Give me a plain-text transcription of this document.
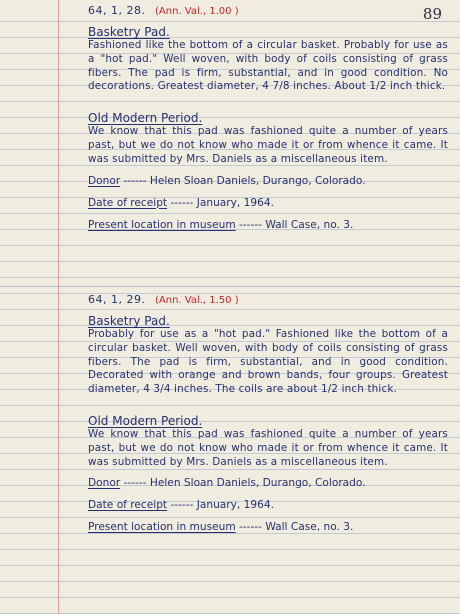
89
64, 1, 28. (Ann. Val., 1.00 )
Basketry Pad.

Fashioned like the bottom of a circular basket. Probably for use as a "hot pad." Well woven, with body of coils consisting of grass fibers. The pad is firm, substantial, and in good condition. No decorations. Greatest diameter, 4 7/8 inches. About 1/2 inch thick.

Old Modern Period.

We know that this pad was fashioned quite a number of years past, but we do not know who made it or from whence it came. It was submitted by Mrs. Daniels as a miscellaneous item.

Donor ------ Helen Sloan Daniels, Durango, Colorado.
Date of receipt ------ January, 1964.
Present location in museum ------ Wall Case, no. 3.
64, 1, 29. (Ann. Val., 1.50 )
Basketry Pad.

Probably for use as a "hot pad." Fashioned like the bottom of a circular basket. Well woven, with body of coils consisting of grass fibers. The pad is firm, substantial, and in good condition. Decorated with orange and brown bands, four groups. Greatest diameter, 4 3/4 inches. The coils are about 1/2 inch thick.

Old Modern Period.

We know that this pad was fashioned quite a number of years past, but we do not know who made it or from whence it came. It was submitted by Mrs. Daniels as a miscellaneous item.

Donor ------ Helen Sloan Daniels, Durango, Colorado.
Date of receipt ------ January, 1964.
Present location in museum ------ Wall Case, no. 3.
